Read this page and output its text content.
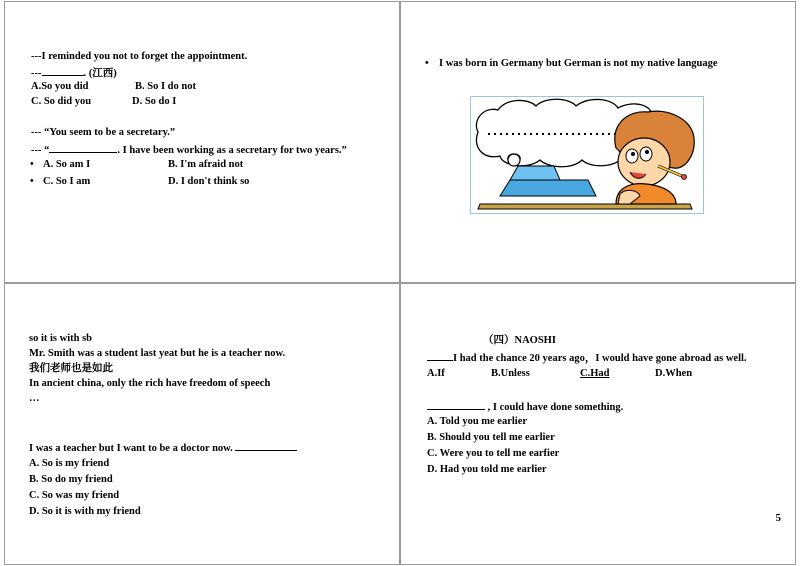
---I reminded you not to forget the appointment.
---	. (江西)
A.So you did	B. So I do not
C. So did you	D. So do I
--- “You seem to be a secretary.”
--- “	. I have been working as a secretary for two years.”
• A. So am I	B. I'm afraid not
• C. So I am	D. I don't think so
• I was born in Germany but German is not my native language
so it is with sb
Mr. Smith was a student last yeat but he is a teacher now.
我们老师也是如此
In ancient china, only the rich have freedom of speech
…
I was a teacher but I want to be a doctor now.
A. So is my friend
B. So do my friend
C. So was my friend
D. So it is with my friend
（四）NAOSHI
I had the chance 20 years ago，I would have gone abroad as well.
A.If	B.Unless	C.Had	D.When
, I could have done something.
A. Told you me earlier
B. Should you tell me earlier
C. Were you to tell me earfier
D. Had you told me earlier
5
